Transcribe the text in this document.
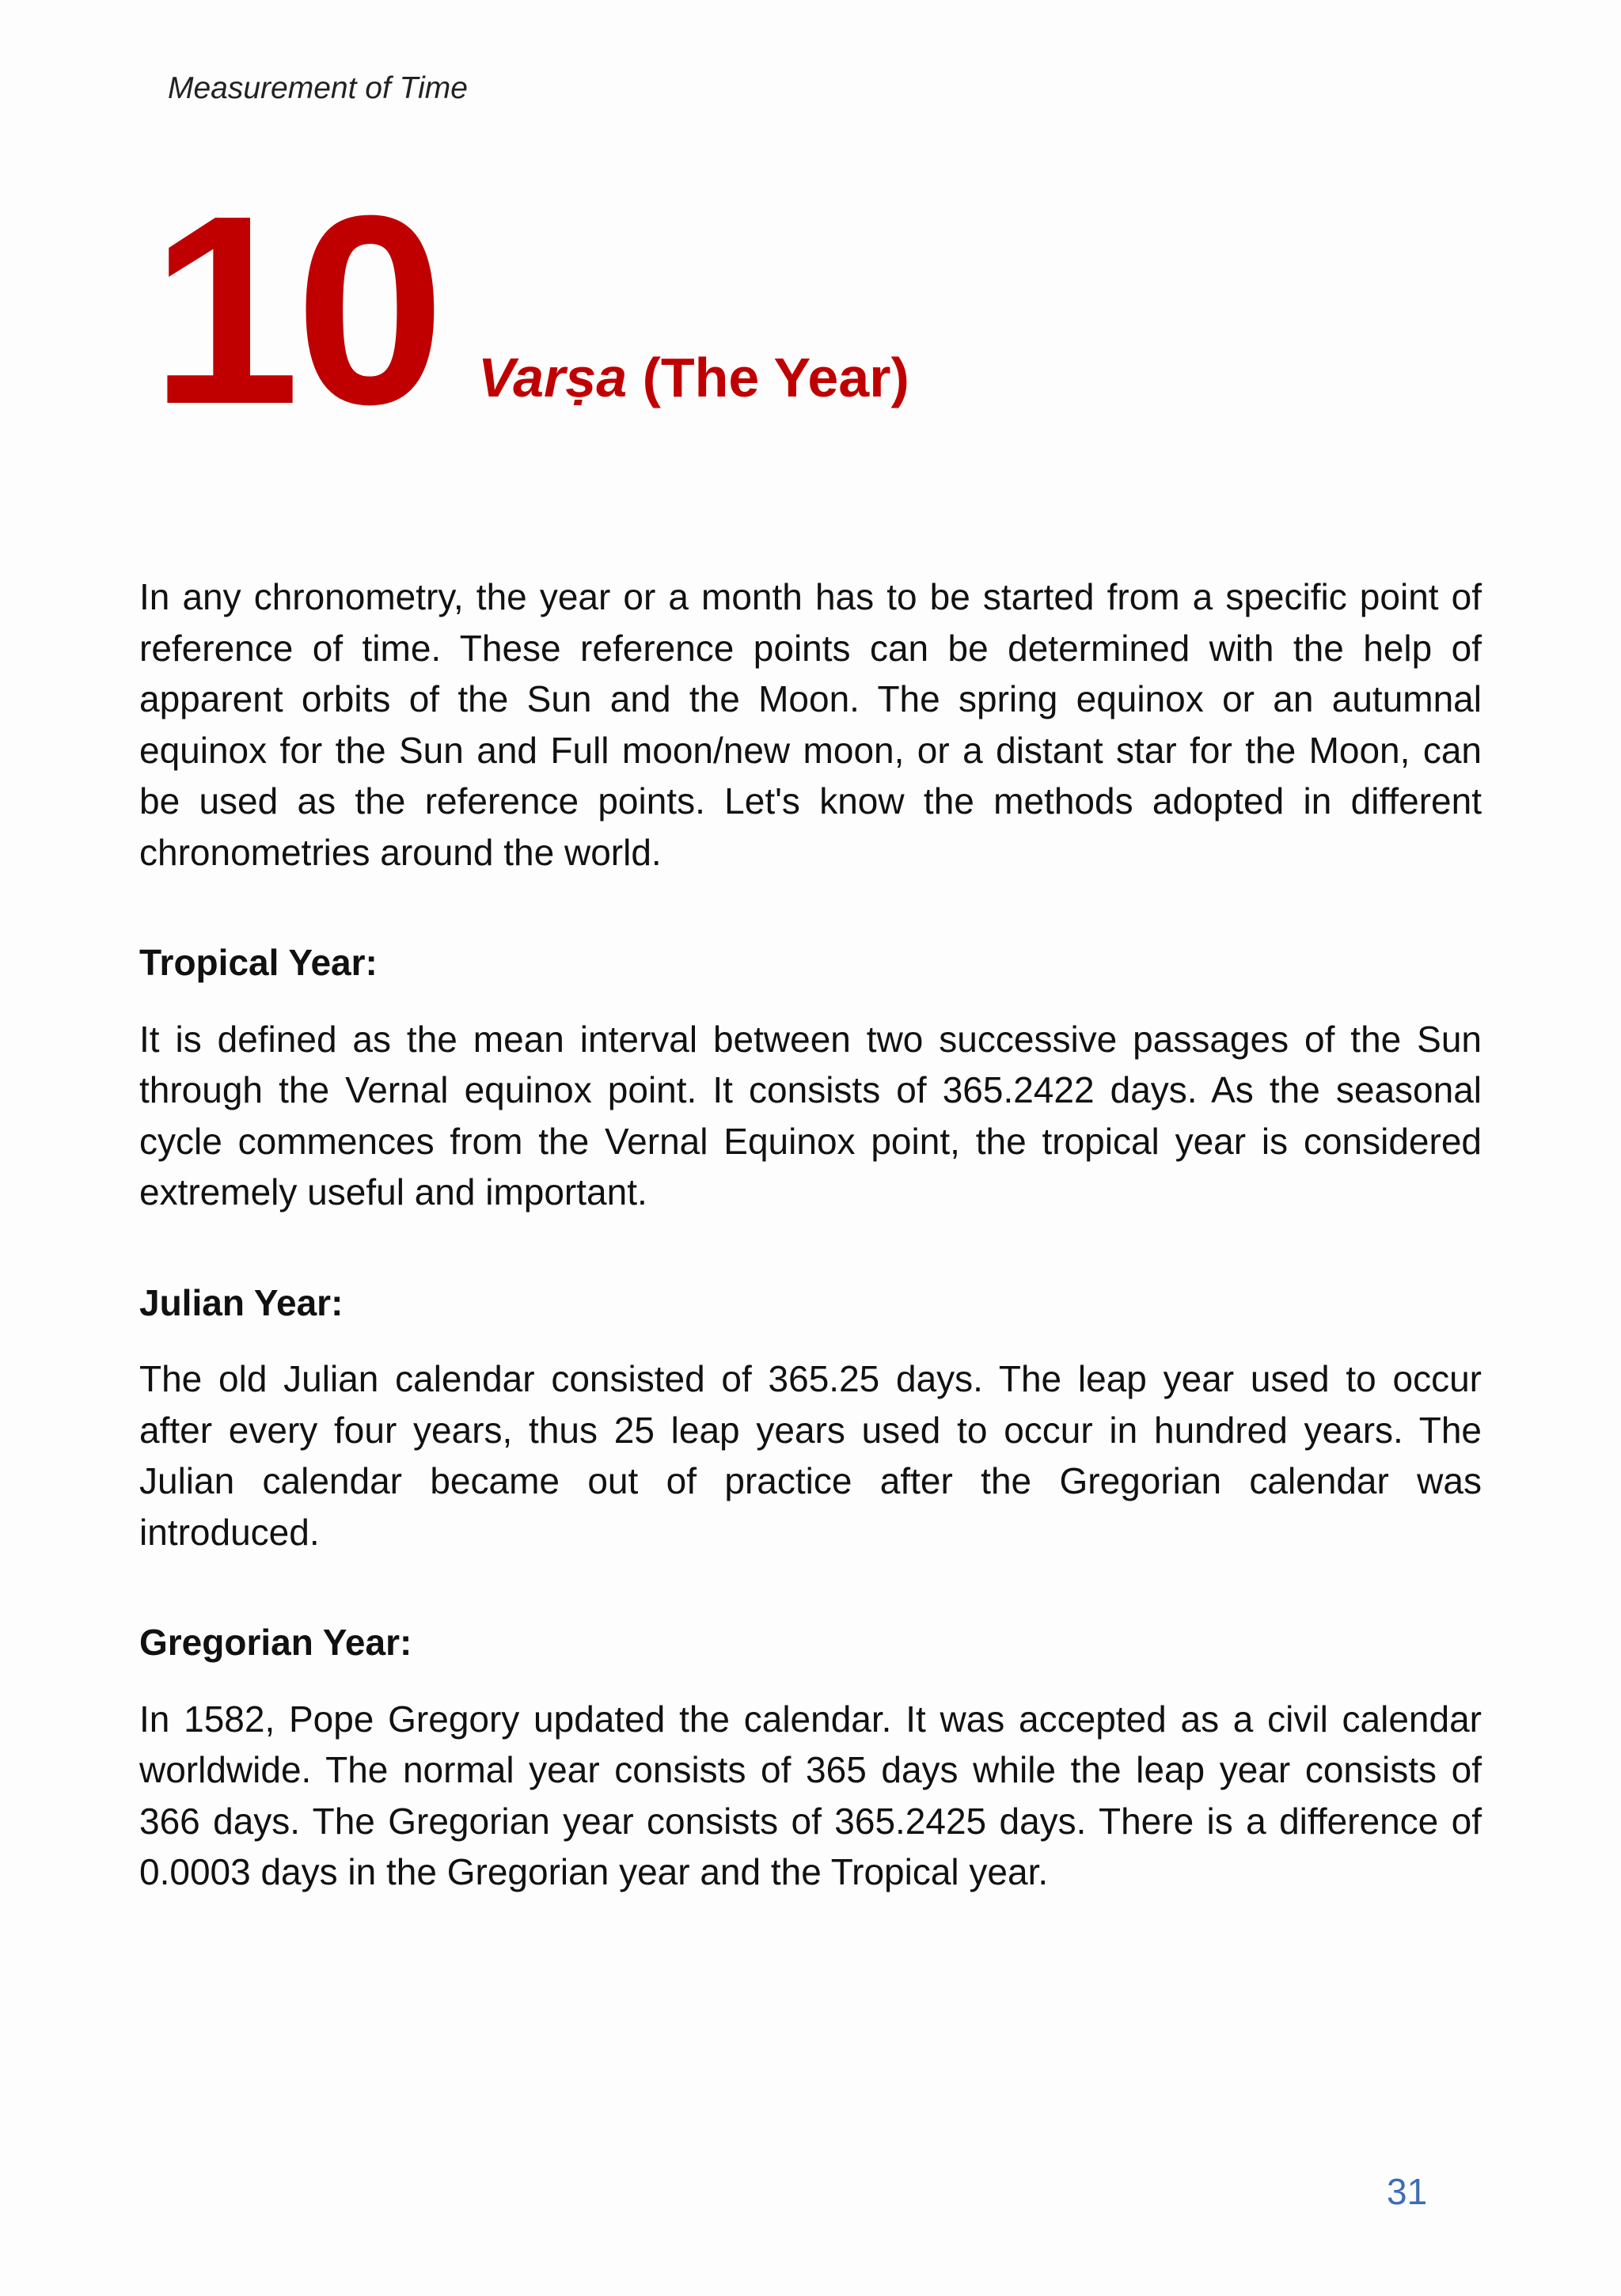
Measurement of Time
10 Varṣa (The Year)

In any chronometry, the year or a month has to be started from a specific point of reference of time. These reference points can be determined with the help of apparent orbits of the Sun and the Moon. The spring equinox or an autumnal equinox for the Sun and Full moon/new moon, or a distant star for the Moon, can be used as the reference points. Let's know the methods adopted in different chronometries around the world.

Tropical Year:

It is defined as the mean interval between two successive passages of the Sun through the Vernal equinox point. It consists of 365.2422 days. As the seasonal cycle commences from the Vernal Equinox point, the tropical year is considered extremely useful and important.

Julian Year:

The old Julian calendar consisted of 365.25 days. The leap year used to occur after every four years, thus 25 leap years used to occur in hundred years. The Julian calendar became out of practice after the Gregorian calendar was introduced.

Gregorian Year:

In 1582, Pope Gregory updated the calendar. It was accepted as a civil calendar worldwide. The normal year consists of 365 days while the leap year consists of 366 days. The Gregorian year consists of 365.2425 days. There is a difference of 0.0003 days in the Gregorian year and the Tropical year.

31
